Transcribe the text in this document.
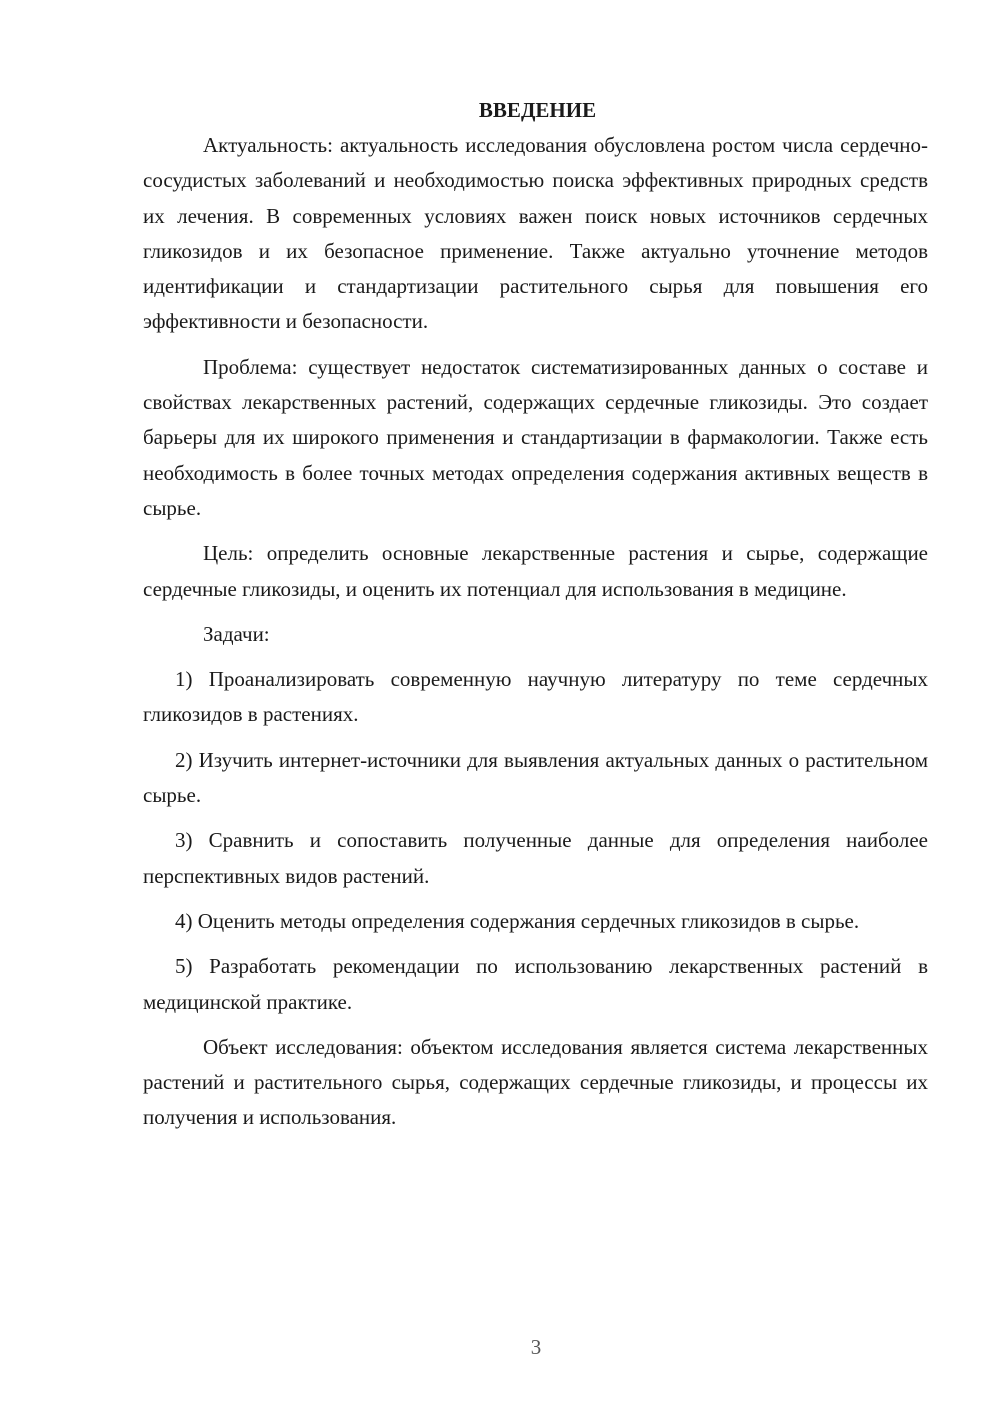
ВВЕДЕНИЕ

Актуальность: актуальность исследования обусловлена ростом числа сердечно-сосудистых заболеваний и необходимостью поиска эффективных природных средств их лечения. В современных условиях важен поиск новых источников сердечных гликозидов и их безопасное применение. Также актуально уточнение методов идентификации и стандартизации растительного сырья для повышения его эффективности и безопасности.

Проблема: существует недостаток систематизированных данных о составе и свойствах лекарственных растений, содержащих сердечные гликозиды. Это создает барьеры для их широкого применения и стандартизации в фармакологии. Также есть необходимость в более точных методах определения содержания активных веществ в сырье.

Цель: определить основные лекарственные растения и сырье, содержащие сердечные гликозиды, и оценить их потенциал для использования в медицине.

Задачи:

1) Проанализировать современную научную литературу по теме сердечных гликозидов в растениях.

2) Изучить интернет-источники для выявления актуальных данных о растительном сырье.

3) Сравнить и сопоставить полученные данные для определения наиболее перспективных видов растений.

4) Оценить методы определения содержания сердечных гликозидов в сырье.

5) Разработать рекомендации по использованию лекарственных растений в медицинской практике.

Объект исследования: объектом исследования является система лекарственных растений и растительного сырья, содержащих сердечные гликозиды, и процессы их получения и использования.

3
